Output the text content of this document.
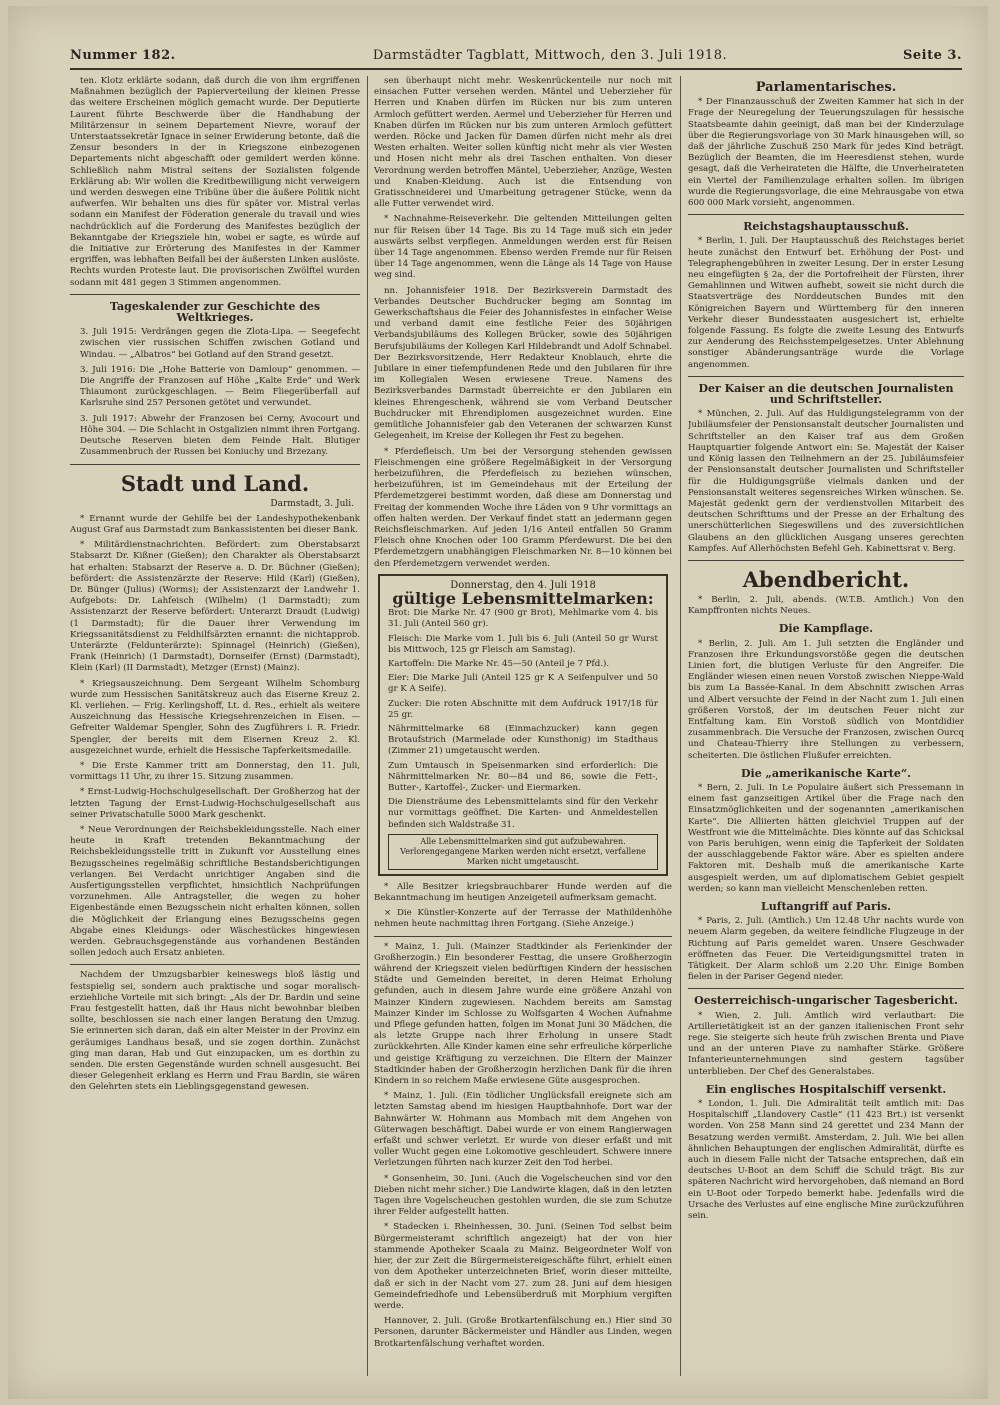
Nummer 182.	Darmstädter Tagblatt, Mittwoch, den 3. Juli 1918.	Seite 3.

ten. Klotz erklärte sodann, daß durch die von ihm ergriffenen Maßnahmen bezüglich der Papierverteilung der kleinen Presse das weitere Erscheinen möglich gemacht wurde. Der Deputierte Laurent führte Beschwerde über die Handhabung der Militärzensur in seinem Departement Nievre, worauf der Unterstaatssekretär Ignace in seiner Erwiderung betonte, daß die Zensur besonders in der in Kriegszone einbezogenen Departements nicht abgeschafft oder gemildert werden könne. Schließlich nahm Mistral seitens der Sozialisten folgende Erklärung ab: Wir wollen die Kreditbewilligung nicht verweigern und werden deswegen eine Tribüne über die äußere Politik nicht aufwerfen. Wir behalten uns dies für später vor. Mistral verlas sodann ein Manifest der Föderation generale du travail und wies nachdrücklich auf die Forderung des Manifestes bezüglich der Bekanntgabe der Kriegsziele hin, wobei er sagte, es würde auf die Initiative zur Erörterung des Manifestes in der Kammer ergriffen, was lebhaften Beifall bei der äußersten Linken auslöste. Rechts wurden Proteste laut. Die provisorischen Zwölftel wurden sodann mit 481 gegen 3 Stimmen angenommen.

Tageskalender zur Geschichte des Weltkrieges.

3. Juli 1915: Verdrängen gegen die Zlota-Lipa. — Seegefecht zwischen vier russischen Schiffen zwischen Gotland und Windau. — „Albatros“ bei Gotland auf den Strand gesetzt.

3. Juli 1916: Die „Hohe Batterie von Damloup“ genommen. — Die Angriffe der Franzosen auf Höhe „Kalte Erde“ und Werk Thiaumont zurückgeschlagen. — Beim Fliegerüberfall auf Karlsruhe sind 257 Personen getötet und verwundet.

3. Juli 1917: Abwehr der Franzosen bei Cerny, Avocourt und Höhe 304. — Die Schlacht in Ostgalizien nimmt ihren Fortgang. Deutsche Reserven bieten dem Feinde Halt. Blutiger Zusammenbruch der Russen bei Koniuchy und Brzezany.

Stadt und Land.
Darmstadt, 3. Juli.

* Ernannt wurde der Gehilfe bei der Landeshypothekenbank August Graf aus Darmstadt zum Bankassistenten bei dieser Bank.

* Militärdienstnachrichten. Befördert: zum Oberstabsarzt Stabsarzt Dr. Kißner (Gießen); den Charakter als Oberstabsarzt hat erhalten: Stabsarzt der Reserve a. D. Dr. Büchner (Gießen); befördert: die Assistenzärzte der Reserve: Hild (Karl) (Gießen), Dr. Bünger (Julius) (Worms); der Assistenzarzt der Landwehr 1. Aufgebots: Dr. Lahfeisch (Wilhelm) (1 Darmstadt); zum Assistenzarzt der Reserve befördert: Unterarzt Draudt (Ludwig) (1 Darmstadt); für die Dauer ihrer Verwendung im Kriegssanitätsdienst zu Feldhilfsärzten ernannt: die nichtapprob. Unterärzte (Feldunterärzte): Spinnagel (Heinrich) (Gießen), Frank (Heinrich) (1 Darmstadt), Dornseifer (Ernst) (Darmstadt), Klein (Karl) (II Darmstadt), Metzger (Ernst) (Mainz).

* Kriegsauszeichnung. Dem Sergeant Wilhelm Schomburg wurde zum Hessischen Sanitätskreuz auch das Eiserne Kreuz 2. Kl. verliehen. — Frig. Kerlingshoff, Lt. d. Res., erhielt als weitere Auszeichnung das Hessische Kriegsehrenzeichen in Eisen. — Gefreiter Waldemar Spengler, Sohn des Zugführers i. R. Friedr. Spengler, der bereits mit dem Eisernen Kreuz 2. Kl. ausgezeichnet wurde, erhielt die Hessische Tapferkeitsmedaille.

* Die Erste Kammer tritt am Donnerstag, den 11. Juli, vormittags 11 Uhr, zu ihrer 15. Sitzung zusammen.

* Ernst-Ludwig-Hochschulgesellschaft. Der Großherzog hat der letzten Tagung der Ernst-Ludwig-Hochschulgesellschaft aus seiner Privatschatulle 5000 Mark geschenkt.

* Neue Verordnungen der Reichsbekleidungsstelle. Nach einer heute in Kraft tretenden Bekanntmachung der Reichsbekleidungsstelle tritt in Zukunft vor Ausstellung eines Bezugsscheines regelmäßig schriftliche Bestandsberichtigungen verlangen. Bei Verdacht unrichtiger Angaben sind die Ausfertigungsstellen verpflichtet, hinsichtlich Nachprüfungen vorzunehmen. Alle Antragsteller, die wegen zu hoher Eigenbestände einen Bezugsschein nicht erhalten können, sollen die Möglichkeit der Erlangung eines Bezugsscheins gegen Abgabe eines Kleidungs- oder Wäschestückes hingewiesen werden. Gebrauchsgegenstände aus vorhandenen Beständen sollen jedoch auch Ersatz anbieten.

Nachdem der Umzugsbarbier keineswegs bloß lästig und festspielig sei, sondern auch praktische und sogar moralisch-erziehliche Vorteile mit sich bringt: „Als der Dr. Bardin und seine Frau festgestellt hatten, daß ihr Haus nicht bewohnbar bleiben sollte, beschlossen sie nach einer langen Beratung den Umzug. Sie erinnerten sich daran, daß ein alter Meister in der Provinz ein geräumiges Landhaus besaß, und sie zogen dorthin. Zunächst ging man daran, Hab und Gut einzupacken, um es dorthin zu senden. Die ersten Gegenstände wurden schnell ausgesucht. Bei dieser Gelegenheit erklang es Herrn und Frau Bardin, sie wären den Gelehrten stets ein Lieblingsgegenstand gewesen.

sen überhaupt nicht mehr. Weskenrückenteile nur noch mit einsachen Futter versehen werden. Mäntel und Ueberzieher für Herren und Knaben dürfen im Rücken nur bis zum unteren Armloch gefüttert werden. Aermel und Ueberzieher für Herren und Knaben dürfen im Rücken nur bis zum unteren Armloch gefüttert werden. Röcke und Jacken für Damen dürfen nicht mehr als drei Westen erhalten. Weiter sollen künftig nicht mehr als vier Westen und Hosen nicht mehr als drei Taschen enthalten. Von dieser Verordnung werden betroffen Mäntel, Ueberzieher, Anzüge, Westen und Knaben-Kleidung. Auch ist die Entsendung von Gratisschneiderei und Umarbeitung getragener Stücke, wenn da alle Futter verwendet wird.

* Nachnahme-Reiseverkehr. Die geltenden Mitteilungen gelten nur für Reisen über 14 Tage. Bis zu 14 Tage muß sich ein jeder auswärts selbst verpflegen. Anmeldungen werden erst für Reisen über 14 Tage angenommen. Ebenso werden Fremde nur für Reisen über 14 Tage angenommen, wenn die Länge als 14 Tage von Hause weg sind.

nn. Johannisfeier 1918. Der Bezirksverein Darmstadt des Verbandes Deutscher Buchdrucker beging am Sonntag im Gewerkschaftshaus die Feier des Johannisfestes in einfacher Weise und verband damit eine festliche Feier des 50jährigen Verbandsjubiläums des Kollegen Brücker, sowie des 50jährigen Berufsjubiläums der Kollegen Karl Hildebrandt und Adolf Schnabel. Der Bezirksvorsitzende, Herr Redakteur Knoblauch, ehrte die Jubilare in einer tiefempfundenen Rede und den Jubilaren für ihre im Kollegialen Wesen erwiesene Treue. Namens des Bezirksverbandes Darmstadt überreichte er den Jubilaren ein kleines Ehrengeschenk, während sie vom Verband Deutscher Buchdrucker mit Ehrendiplomen ausgezeichnet wurden. Eine gemütliche Johannisfeier gab den Veteranen der schwarzen Kunst Gelegenheit, im Kreise der Kollegen ihr Fest zu begehen.

* Pferdefleisch. Um bei der Versorgung stehenden gewissen Fleischmengen eine größere Regelmäßigkeit in der Versorgung herbeizuführen, die Pferdefleisch zu beziehen wünschen, herbeizuführen, ist im Gemeindehaus mit der Erteilung der Pferdemetzgerei bestimmt worden, daß diese am Donnerstag und Freitag der kommenden Woche ihre Läden von 9 Uhr vormittags an offen halten werden. Der Verkauf findet statt an jedermann gegen Reichsfleischmarken. Auf jeden 1/16 Anteil entfallen 50 Gramm Fleisch ohne Knochen oder 100 Gramm Pferdewurst. Die bei den Pferdemetzgern unabhängigen Fleischmarken Nr. 8—10 können bei den Pferdemetzgern verwendet werden.

Donnerstag, den 4. Juli 1918
gültige Lebensmittelmarken:

Brot: Die Marke Nr. 47 (900 gr Brot), Mehlmarke vom 4. bis 31. Juli (Anteil 560 gr).

Fleisch: Die Marke vom 1. Juli bis 6. Juli (Anteil 50 gr Wurst bis Mittwoch, 125 gr Fleisch am Samstag).

Kartoffeln: Die Marke Nr. 45—50 (Anteil je 7 Pfd.).

Eier: Die Marke Juli (Anteil 125 gr K A Seifenpulver und 50 gr K A Seife).

Zucker: Die roten Abschnitte mit dem Aufdruck 1917/18 für 25 gr.

Nährmittelmarke 68 (Einmachzucker) kann gegen Brotaufstrich (Marmelade oder Kunsthonig) im Stadthaus (Zimmer 21) umgetauscht werden.

Zum Umtausch in Speisenmarken sind erforderlich: Die Nährmittelmarken Nr. 80—84 und 86, sowie die Fett-, Butter-, Kartoffel-, Zucker- und Eiermarken.

Die Diensträume des Lebensmittelamts sind für den Verkehr nur vormittags geöffnet. Die Karten- und Anmeldestellen befinden sich Waldstraße 31.

Alle Lebensmittelmarken sind gut aufzubewahren. Verlorengegangene Marken werden nicht ersetzt, verfallene Marken nicht umgetauscht.

* Alle Besitzer kriegsbrauchbarer Hunde werden auf die Bekanntmachung im heutigen Anzeigeteil aufmerksam gemacht.

× Die Künstler-Konzerte auf der Terrasse der Mathildenhöhe nehmen heute nachmittag ihren Fortgang. (Siehe Anzeige.)

* Mainz, 1. Juli. (Mainzer Stadtkinder als Ferienkinder der Großherzogin.) Ein besonderer Festtag, die unsere Großherzogin während der Kriegszeit vielen bedürftigen Kindern der hessischen Städte und Gemeinden bereitet, in deren Heimat Erholung gefunden, auch in diesem Jahre wurde eine größere Anzahl von Mainzer Kindern zugewiesen. Nachdem bereits am Samstag Mainzer Kinder im Schlosse zu Wolfsgarten 4 Wochen Aufnahme und Pflege gefunden hatten, folgen im Monat Juni 30 Mädchen, die als letzte Gruppe nach ihrer Erholung in unsere Stadt zurückkehrten. Alle Kinder kamen eine sehr erfreuliche körperliche und geistige Kräftigung zu verzeichnen. Die Eltern der Mainzer Stadtkinder haben der Großherzogin herzlichen Dank für die ihren Kindern in so reichem Maße erwiesene Güte ausgesprochen.

* Mainz, 1. Juli. (Ein tödlicher Unglücksfall ereignete sich am letzten Samstag abend im hiesigen Hauptbahnhofe. Dort war der Bahnwärter W. Hohmann aus Mombach mit dem Angehen von Güterwagen beschäftigt. Dabei wurde er von einem Rangierwagen erfaßt und schwer verletzt. Er wurde von dieser erfaßt und mit voller Wucht gegen eine Lokomotive geschleudert. Schwere innere Verletzungen führten nach kurzer Zeit den Tod herbei.

* Gonsenheim, 30. Juni. (Auch die Vogelscheuchen sind vor den Dieben nicht mehr sicher.) Die Landwirte klagen, daß in den letzten Tagen ihre Vogelscheuchen gestohlen wurden, die sie zum Schutze ihrer Felder aufgestellt hatten.

* Stadecken i. Rheinhessen, 30. Juni. (Seinen Tod selbst beim Bürgermeisteramt schriftlich angezeigt) hat der von hier stammende Apotheker Scaala zu Mainz. Beigeordneter Wolf von hier, der zur Zeit die Bürgermeistereigeschäfte führt, erhielt einen von dem Apotheker unterzeichneten Brief, worin dieser mitteilte, daß er sich in der Nacht vom 27. zum 28. Juni auf dem hiesigen Gemeindefriedhofe und Lebensüberdruß mit Morphium vergiften werde.

Hannover, 2. Juli. (Große Brotkartenfälschung en.) Hier sind 30 Personen, darunter Bäckermeister und Händler aus Linden, wegen Brotkartenfälschung verhaftet worden.

Parlamentarisches.

* Der Finanzausschuß der Zweiten Kammer hat sich in der Frage der Neuregelung der Teuerungszulagen für hessische Staatsbeamte dahin geeinigt, daß man bei der Kinderzulage über die Regierungsvorlage von 30 Mark hinausgehen will, so daß der jährliche Zuschuß 250 Mark für jedes Kind beträgt. Bezüglich der Beamten, die im Heeresdienst stehen, wurde gesagt, daß die Verheirateten die Hälfte, die Unverheirateten ein Viertel der Familienzulage erhalten sollen. Im übrigen wurde die Regierungsvorlage, die eine Mehrausgabe von etwa 600 000 Mark vorsieht, angenommen.

Reichstagshauptausschuß.

* Berlin, 1. Juli. Der Hauptausschuß des Reichstages beriet heute zunächst den Entwurf bet. Erhöhung der Post- und Telegraphengebühren in zweiter Lesung. Der in erster Lesung neu eingefügten § 2a, der die Portofreiheit der Fürsten, ihrer Gemahlinnen und Witwen aufhebt, soweit sie nicht durch die Staatsverträge des Norddeutschen Bundes mit den Königreichen Bayern und Württemberg für den inneren Verkehr dieser Bundesstaaten ausgesichert ist, erhielte folgende Fassung. Es folgte die zweite Lesung des Entwurfs zur Aenderung des Reichsstempelgesetzes. Unter Ablehnung sonstiger Abänderungsanträge wurde die Vorlage angenommen.

Der Kaiser an die deutschen Journalisten und Schriftsteller.

* München, 2. Juli. Auf das Huldigungstelegramm von der Jubiläumsfeier der Pensionsanstalt deutscher Journalisten und Schriftsteller an den Kaiser traf aus dem Großen Hauptquartier folgende Antwort ein: Se. Majestät der Kaiser und König lassen den Teilnehmern an der 25. Jubiläumsfeier der Pensionsanstalt deutscher Journalisten und Schriftsteller für die Huldigungsgrüße vielmals danken und der Pensionsanstalt weiteres segensreiches Wirken wünschen. Se. Majestät gedenkt gern der verdienstvollen Mitarbeit des deutschen Schrifttums und der Presse an der Erhaltung des unerschütterlichen Siegeswillens und des zuversichtlichen Glaubens an den glücklichen Ausgang unseres gerechten Kampfes. Auf Allerhöchsten Befehl Geh. Kabinettsrat v. Berg.

Abendbericht.

* Berlin, 2. Juli, abends. (W.T.B. Amtlich.) Von den Kampffronten nichts Neues.

Die Kampflage.

* Berlin, 2. Juli. Am 1. Juli setzten die Engländer und Franzosen ihre Erkundungsvorstöße gegen die deutschen Linien fort, die blutigen Verluste für den Angreifer. Die Engländer wiesen einen neuen Vorstoß zwischen Nieppe-Wald bis zum La Bassée-Kanal. In dem Abschnitt zwischen Arras und Albert versuchte der Feind in der Nacht zum 1. Juli einen größeren Vorstoß, der im deutschen Feuer nicht zur Entfaltung kam. Ein Vorstoß südlich von Montdidier zusammenbrach. Die Versuche der Franzosen, zwischen Ourcq und Chateau-Thierry ihre Stellungen zu verbessern, scheiterten. Die östlichen Flußufer erreichten.

Die „amerikanische Karte“.

* Bern, 2. Juli. In Le Populaire äußert sich Pressemann in einem fast ganzseitigen Artikel über die Frage nach den Einsatzmöglichkeiten und der sogenannten „amerikanischen Karte“. Die Alliierten hätten gleichviel Truppen auf der Westfront wie die Mittelmächte. Dies könnte auf das Schicksal von Paris beruhigen, wenn einig die Tapferkeit der Soldaten der ausschlaggebende Faktor wäre. Aber es spielten andere Faktoren mit. Deshalb muß die amerikanische Karte ausgespielt werden, um auf diplomatischem Gebiet gespielt werden; so kann man vielleicht Menschenleben retten.

Luftangriff auf Paris.

* Paris, 2. Juli. (Amtlich.) Um 12.48 Uhr nachts wurde von neuem Alarm gegeben, da weitere feindliche Flugzeuge in der Richtung auf Paris gemeldet waren. Unsere Geschwader eröffneten das Feuer. Die Verteidigungsmittel traten in Tätigkeit. Der Alarm schloß um 2.20 Uhr. Einige Bomben fielen in der Pariser Gegend nieder.

Oesterreichisch-ungarischer Tagesbericht.

* Wien, 2. Juli. Amtlich wird verlautbart: Die Artillerietätigkeit ist an der ganzen italienischen Front sehr rege. Sie steigerte sich heute früh zwischen Brenta und Piave und an der unteren Piave zu namhafter Stärke. Größere Infanterieunternehmungen sind gestern tagsüber unterblieben. Der Chef des Generalstabes.

Ein englisches Hospitalschiff versenkt.

* London, 1. Juli. Die Admiralität teilt amtlich mit: Das Hospitalschiff „Llandovery Castle“ (11 423 Brt.) ist versenkt worden. Von 258 Mann sind 24 gerettet und 234 Mann der Besatzung werden vermißt. Amsterdam, 2. Juli. Wie bei allen ähnlichen Behauptungen der englischen Admiralität, dürfte es auch in diesem Falle nicht der Tatsache entsprechen, daß ein deutsches U-Boot an dem Schiff die Schuld trägt. Bis zur späteren Nachricht wird hervorgehoben, daß niemand an Bord ein U-Boot oder Torpedo bemerkt habe. Jedenfalls wird die Ursache des Verlustes auf eine englische Mine zurückzuführen sein.
